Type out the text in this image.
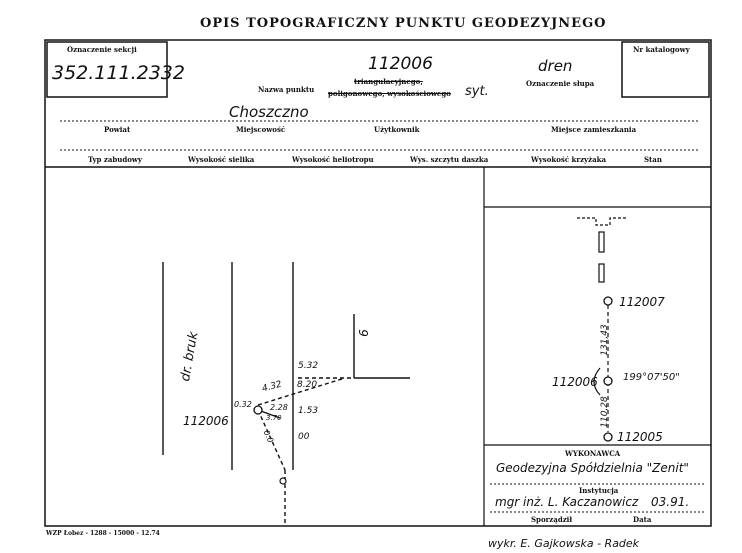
OPIS TOPOGRAFICZNY PUNKTU GEODEZYJNEGO
Oznaczenie sekcji
352.111.2332
Nr katalogowy
112006	dren
Oznaczenie słupa
Nazwa punktu
triangulacyjnego,
poligonowego, wysokościowego syt.
Choszczno
Powiat	Miejscowość	Użytkownik	Miejsce zamieszkania
Typ zabudowy	Wysokość sielika	Wysokość heliotropu	Wys. szczytu daszka	Wysokość krzyżaka	Stan
dr. bruk
112006
6
5.32
4.32 8.20
0.32 2.28
3.70
1.53
0.0	00
112007
112006
112005
131,43
110,28
199°07'50"
WYKONAWCA
Geodezyjna Spółdzielnia "Zenit"
Instytucja
mgr inż. L. Kaczanowicz 03.91.
Sporządził	Data
WZP Łobez - 1288 - 15000 - 12.74
wykr. E. Gajkowska - Radek
